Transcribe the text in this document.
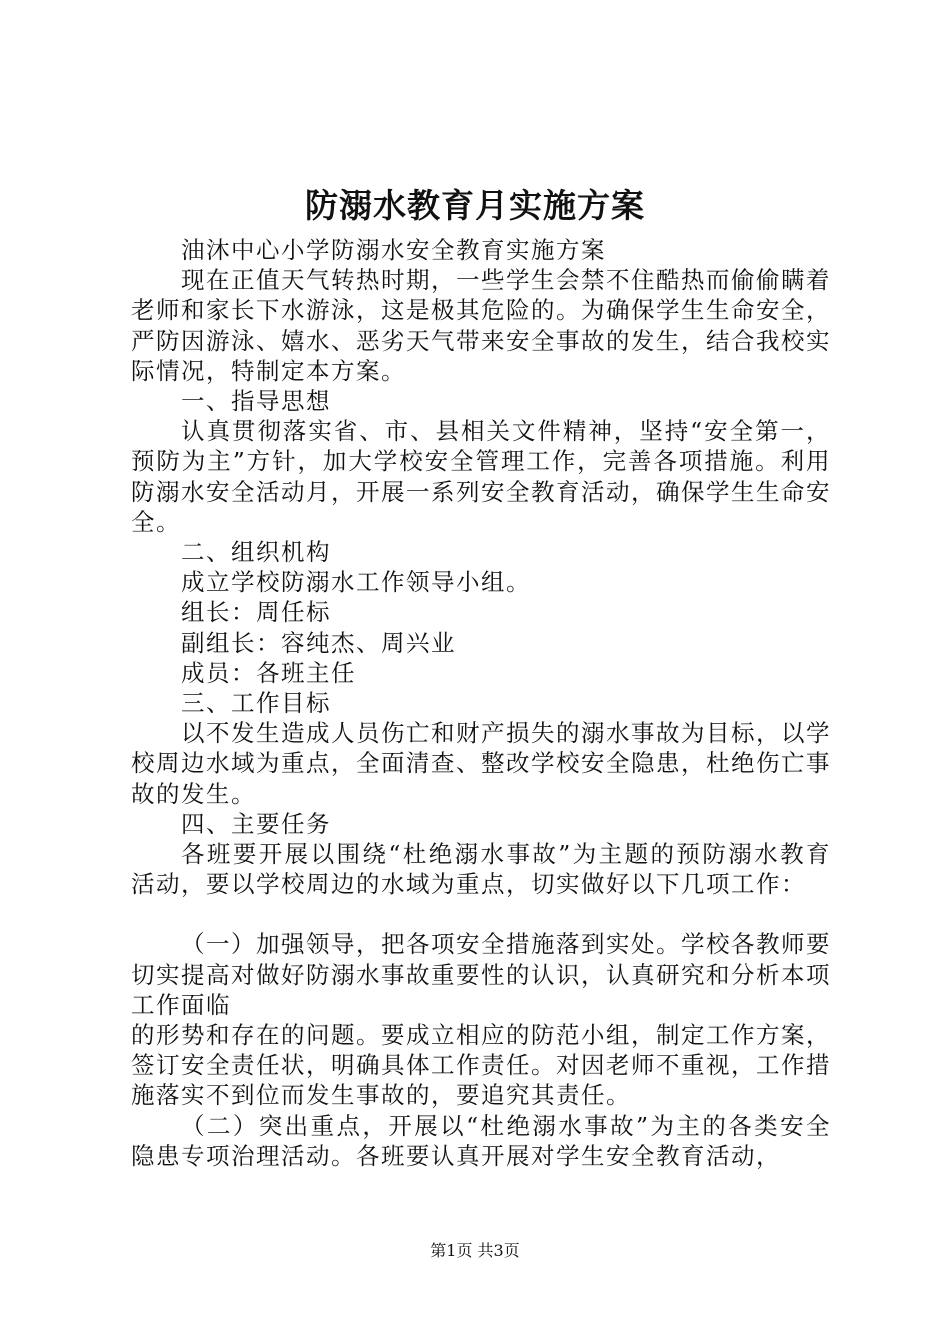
防溺水教育月实施方案

油沐中心小学防溺水安全教育实施方案

现在正值天气转热时期，一些学生会禁不住酷热而偷偷瞒着老师和家长下水游泳，这是极其危险的。为确保学生生命安全，严防因游泳、嬉水、恶劣天气带来安全事故的发生，结合我校实际情况，特制定本方案。

一、指导思想

认真贯彻落实省、市、县相关文件精神，坚持“安全第一，预防为主”方针，加大学校安全管理工作，完善各项措施。利用防溺水安全活动月，开展一系列安全教育活动，确保学生生命安全。

二、组织机构

成立学校防溺水工作领导小组。

组长：周任标

副组长：容纯杰、周兴业

成员：各班主任

三、工作目标

以不发生造成人员伤亡和财产损失的溺水事故为目标，以学校周边水域为重点，全面清查、整改学校安全隐患，杜绝伤亡事故的发生。

四、主要任务

各班要开展以围绕“杜绝溺水事故”为主题的预防溺水教育活动，要以学校周边的水域为重点，切实做好以下几项工作：

（一）加强领导，把各项安全措施落到实处。学校各教师要切实提高对做好防溺水事故重要性的认识，认真研究和分析本项工作面临

的形势和存在的问题。要成立相应的防范小组，制定工作方案，签订安全责任状，明确具体工作责任。对因老师不重视，工作措施落实不到位而发生事故的，要追究其责任。

（二）突出重点，开展以“杜绝溺水事故”为主的各类安全隐患专项治理活动。各班要认真开展对学生安全教育活动，

第1页 共3页
